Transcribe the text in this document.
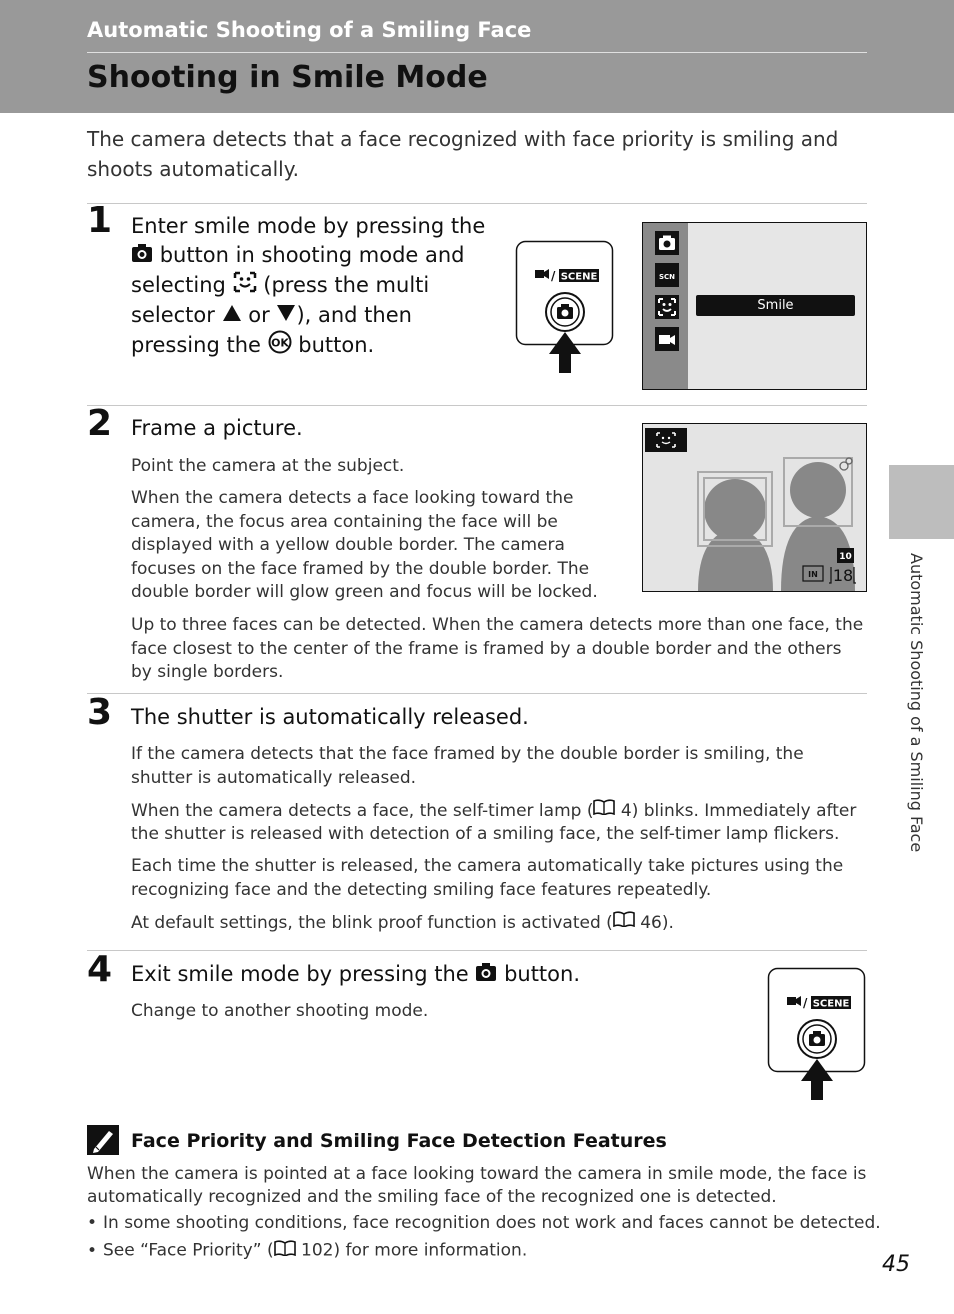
Automatic Shooting of a Smiling Face
Shooting in Smile Mode
The camera detects that a face recognized with face priority is smiling and shoots automatically.
1 Enter smile mode by pressing the
button in shooting mode and
selecting (press the multi
selector or ), and then
pressing the OK button.
/ SCENE	SCN
Smile
2 Frame a picture.
Point the camera at the subject.
When the camera detects a face looking toward the camera, the focus area containing the face will be displayed with a yellow double border. The camera focuses on the face framed by the double border. The double border will glow green and focus will be locked.
Up to three faces can be detected. When the camera detects more than one face, the face closest to the center of the frame is framed by a double border and the others by single borders.
10
IN 18
3 The shutter is automatically released.
If the camera detects that the face framed by the double border is smiling, the shutter is automatically released.
When the camera detects a face, the self-timer lamp ( 4) blinks. Immediately after the shutter is released with detection of a smiling face, the self-timer lamp flickers.
Each time the shutter is released, the camera automatically take pictures using the recognizing face and the detecting smiling face features repeatedly.
At default settings, the blink proof function is activated ( 46).
4 Exit smile mode by pressing the button.
Change to another shooting mode.	/ SCENE
Face Priority and Smiling Face Detection Features
When the camera is pointed at a face looking toward the camera in smile mode, the face is automatically recognized and the smiling face of the recognized one is detected.
• In some shooting conditions, face recognition does not work and faces cannot be detected.
• See “Face Priority” ( 102) for more information.
Automatic Shooting of a Smiling Face
45
